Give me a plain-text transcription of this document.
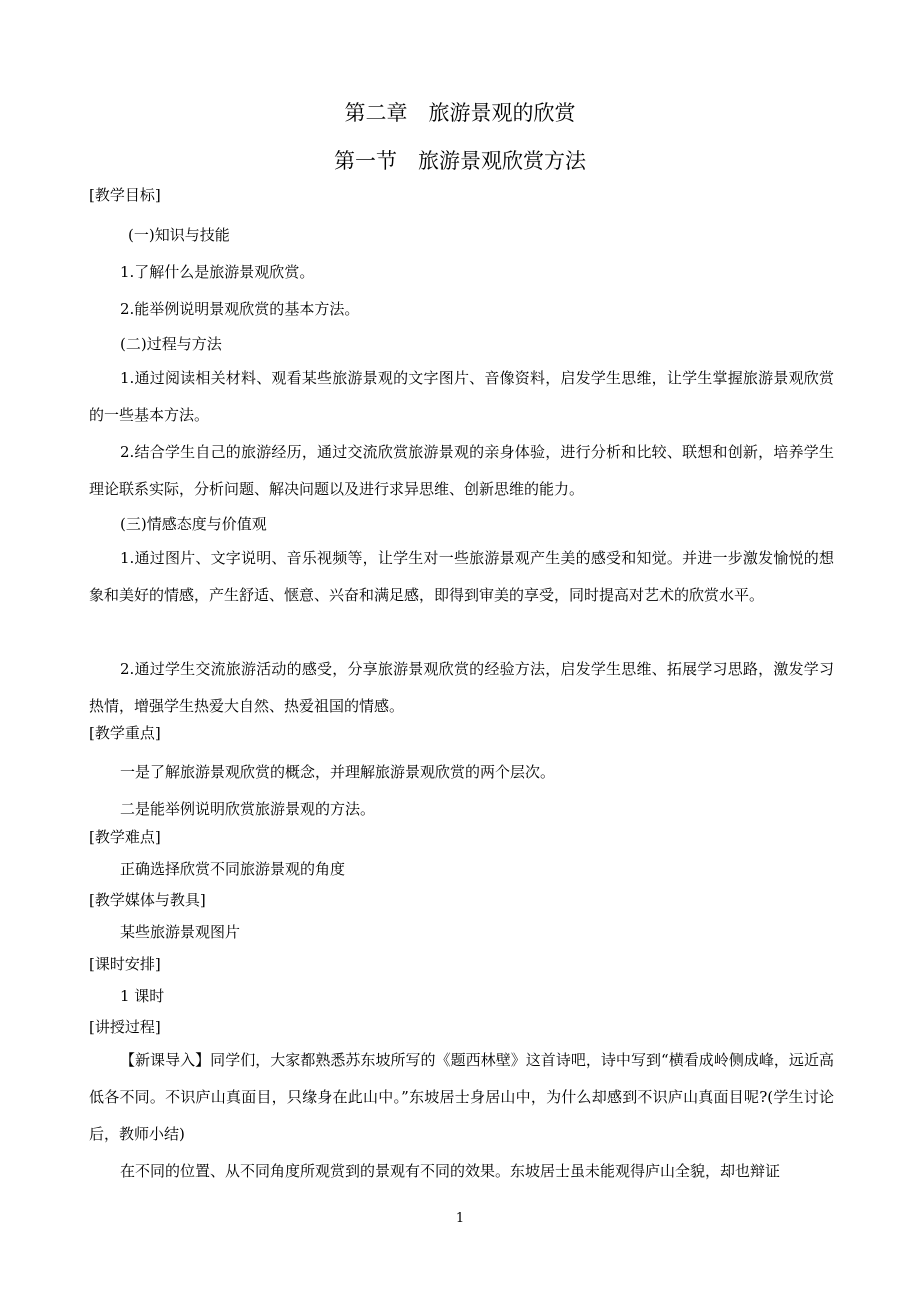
第二章　旅游景观的欣赏
第一节　旅游景观欣赏方法
[教学目标]
(一)知识与技能
1.了解什么是旅游景观欣赏。
2.能举例说明景观欣赏的基本方法。
(二)过程与方法
1.通过阅读相关材料、观看某些旅游景观的文字图片、音像资料，启发学生思维，让学生掌握旅游景观欣赏的一些基本方法。
2.结合学生自己的旅游经历，通过交流欣赏旅游景观的亲身体验，进行分析和比较、联想和创新，培养学生理论联系实际，分析问题、解决问题以及进行求异思维、创新思维的能力。
(三)情感态度与价值观
1.通过图片、文字说明、音乐视频等，让学生对一些旅游景观产生美的感受和知觉。并进一步激发愉悦的想象和美好的情感，产生舒适、惬意、兴奋和满足感，即得到审美的享受，同时提高对艺术的欣赏水平。
2.通过学生交流旅游活动的感受，分享旅游景观欣赏的经验方法，启发学生思维、拓展学习思路，激发学习热情，增强学生热爱大自然、热爱祖国的情感。
[教学重点]
一是了解旅游景观欣赏的概念，并理解旅游景观欣赏的两个层次。
二是能举例说明欣赏旅游景观的方法。
[教学难点]
正确选择欣赏不同旅游景观的角度
[教学媒体与教具]
某些旅游景观图片
[课时安排]
1 课时
[讲授过程]
【新课导入】同学们，大家都熟悉苏东坡所写的《题西林壁》这首诗吧，诗中写到“横看成岭侧成峰，远近高低各不同。不识庐山真面目，只缘身在此山中。”东坡居士身居山中，为什么却感到不识庐山真面目呢?(学生讨论后，教师小结)
在不同的位置、从不同角度所观赏到的景观有不同的效果。东坡居士虽未能观得庐山全貌，却也辩证
1
